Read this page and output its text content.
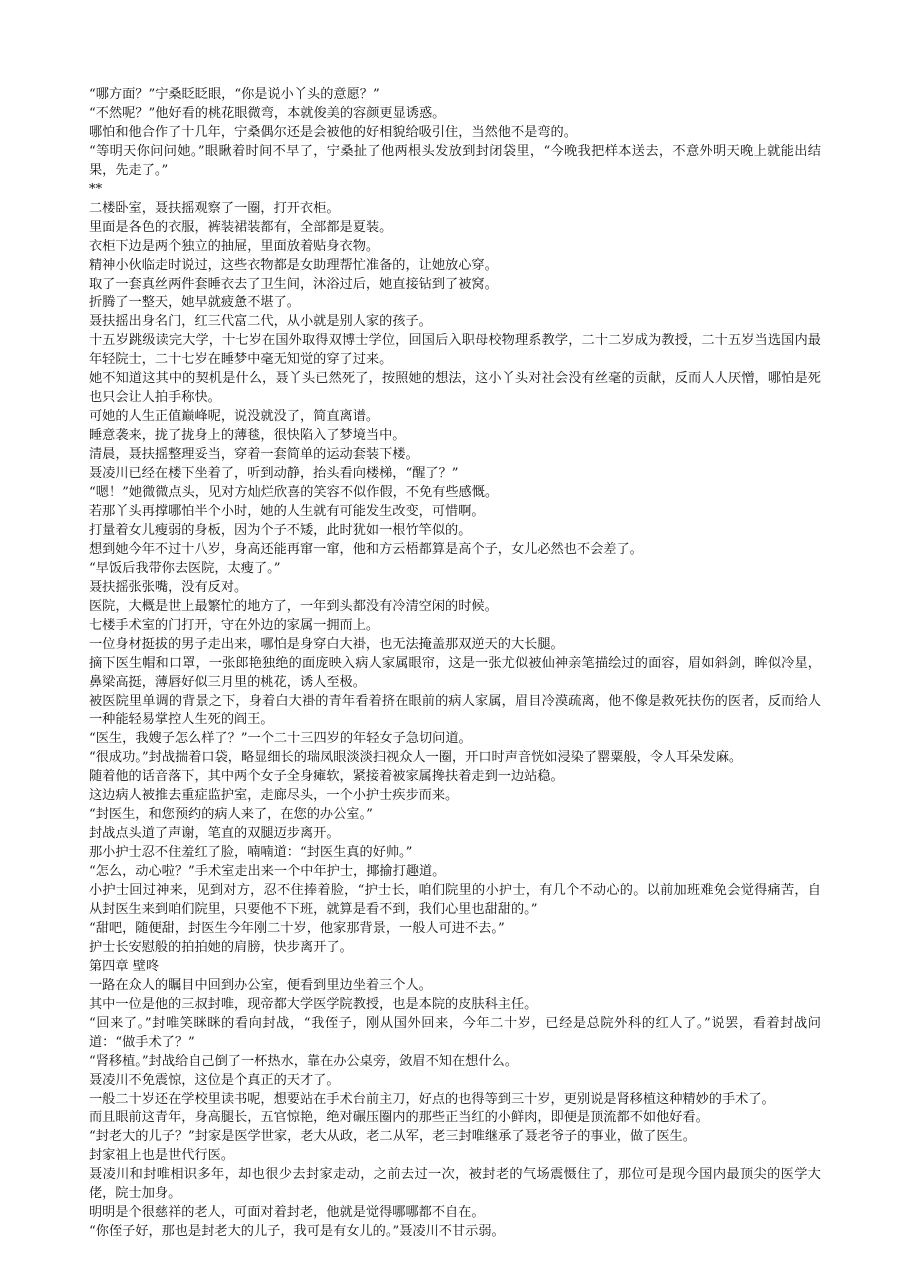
“哪方面？”宁桑眨眨眼，“你是说小丫头的意愿？”

“不然呢？”他好看的桃花眼微弯，本就俊美的容颜更显诱惑。

哪怕和他合作了十几年，宁桑偶尔还是会被他的好相貌给吸引住，当然他不是弯的。

“等明天你问问她。”眼瞅着时间不早了，宁桑扯了他两根头发放到封闭袋里，“今晚我把样本送去，不意外明天晚上就能出结果，先走了。”

**

二楼卧室，聂扶摇观察了一圈，打开衣柜。

里面是各色的衣服，裤装裙装都有，全部都是夏装。

衣柜下边是两个独立的抽屉，里面放着贴身衣物。

精神小伙临走时说过，这些衣物都是女助理帮忙准备的，让她放心穿。

取了一套真丝两件套睡衣去了卫生间，沐浴过后，她直接钻到了被窝。

折腾了一整天，她早就疲惫不堪了。

聂扶摇出身名门，红三代富二代，从小就是别人家的孩子。

十五岁跳级读完大学，十七岁在国外取得双博士学位，回国后入职母校物理系教学，二十二岁成为教授，二十五岁当选国内最年轻院士，二十七岁在睡梦中毫无知觉的穿了过来。

她不知道这其中的契机是什么，聂丫头已然死了，按照她的想法，这小丫头对社会没有丝毫的贡献，反而人人厌憎，哪怕是死也只会让人拍手称快。

可她的人生正值巅峰呢，说没就没了，简直离谱。

睡意袭来，拢了拢身上的薄毯，很快陷入了梦境当中。

清晨，聂扶摇整理妥当，穿着一套简单的运动套装下楼。

聂凌川已经在楼下坐着了，听到动静，抬头看向楼梯，“醒了？”

“嗯！”她微微点头，见对方灿烂欣喜的笑容不似作假，不免有些感慨。

若那丫头再撑哪怕半个小时，她的人生就有可能发生改变，可惜啊。

打量着女儿瘦弱的身板，因为个子不矮，此时犹如一根竹竿似的。

想到她今年不过十八岁，身高还能再窜一窜，他和方云梧都算是高个子，女儿必然也不会差了。

“早饭后我带你去医院，太瘦了。”

聂扶摇张张嘴，没有反对。

医院，大概是世上最繁忙的地方了，一年到头都没有冷清空闲的时候。

七楼手术室的门打开，守在外边的家属一拥而上。

一位身材挺拔的男子走出来，哪怕是身穿白大褂，也无法掩盖那双逆天的大长腿。

摘下医生帽和口罩，一张郎艳独绝的面庞映入病人家属眼帘，这是一张尤似被仙神亲笔描绘过的面容，眉如斜剑，眸似冷星，鼻梁高挺，薄唇好似三月里的桃花，诱人至极。

被医院里单调的背景之下，身着白大褂的青年看着挤在眼前的病人家属，眉目冷漠疏离，他不像是救死扶伤的医者，反而给人一种能轻易掌控人生死的阎王。

“医生，我嫂子怎么样了？”一个二十三四岁的年轻女子急切问道。

“很成功。”封战揣着口袋，略显细长的瑞凤眼淡淡扫视众人一圈，开口时声音恍如浸染了罂粟般，令人耳朵发麻。

随着他的话音落下，其中两个女子全身瘫软，紧接着被家属搀扶着走到一边站稳。

这边病人被推去重症监护室，走廊尽头，一个小护士疾步而来。

“封医生，和您预约的病人来了，在您的办公室。”

封战点头道了声谢，笔直的双腿迈步离开。

那小护士忍不住羞红了脸，喃喃道：“封医生真的好帅。”

“怎么，动心啦？”手术室走出来一个中年护士，揶揄打趣道。

小护士回过神来，见到对方，忍不住捧着脸，“护士长，咱们院里的小护士，有几个不动心的。以前加班难免会觉得痛苦，自从封医生来到咱们院里，只要他不下班，就算是看不到，我们心里也甜甜的。”

“甜吧，随便甜，封医生今年刚二十岁，他家那背景，一般人可进不去。”

护士长安慰般的拍拍她的肩膀，快步离开了。

第四章 壁咚

一路在众人的瞩目中回到办公室，便看到里边坐着三个人。

其中一位是他的三叔封唯，现帝都大学医学院教授，也是本院的皮肤科主任。

“回来了。”封唯笑眯眯的看向封战，“我侄子，刚从国外回来，今年二十岁，已经是总院外科的红人了。”说罢，看着封战问道：“做手术了？”

“肾移植。”封战给自己倒了一杯热水，靠在办公桌旁，敛眉不知在想什么。

聂凌川不免震惊，这位是个真正的天才了。

一般二十岁还在学校里读书呢，想要站在手术台前主刀，好点的也得等到三十岁，更别说是肾移植这种精妙的手术了。

而且眼前这青年，身高腿长，五官惊艳，绝对碾压圈内的那些正当红的小鲜肉，即便是顶流都不如他好看。

“封老大的儿子？”封家是医学世家，老大从政，老二从军，老三封唯继承了聂老爷子的事业，做了医生。

封家祖上也是世代行医。

聂凌川和封唯相识多年，却也很少去封家走动，之前去过一次，被封老的气场震慑住了，那位可是现今国内最顶尖的医学大佬，院士加身。

明明是个很慈祥的老人，可面对着封老，他就是觉得哪哪都不自在。

“你侄子好，那也是封老大的儿子，我可是有女儿的。”聂凌川不甘示弱。
